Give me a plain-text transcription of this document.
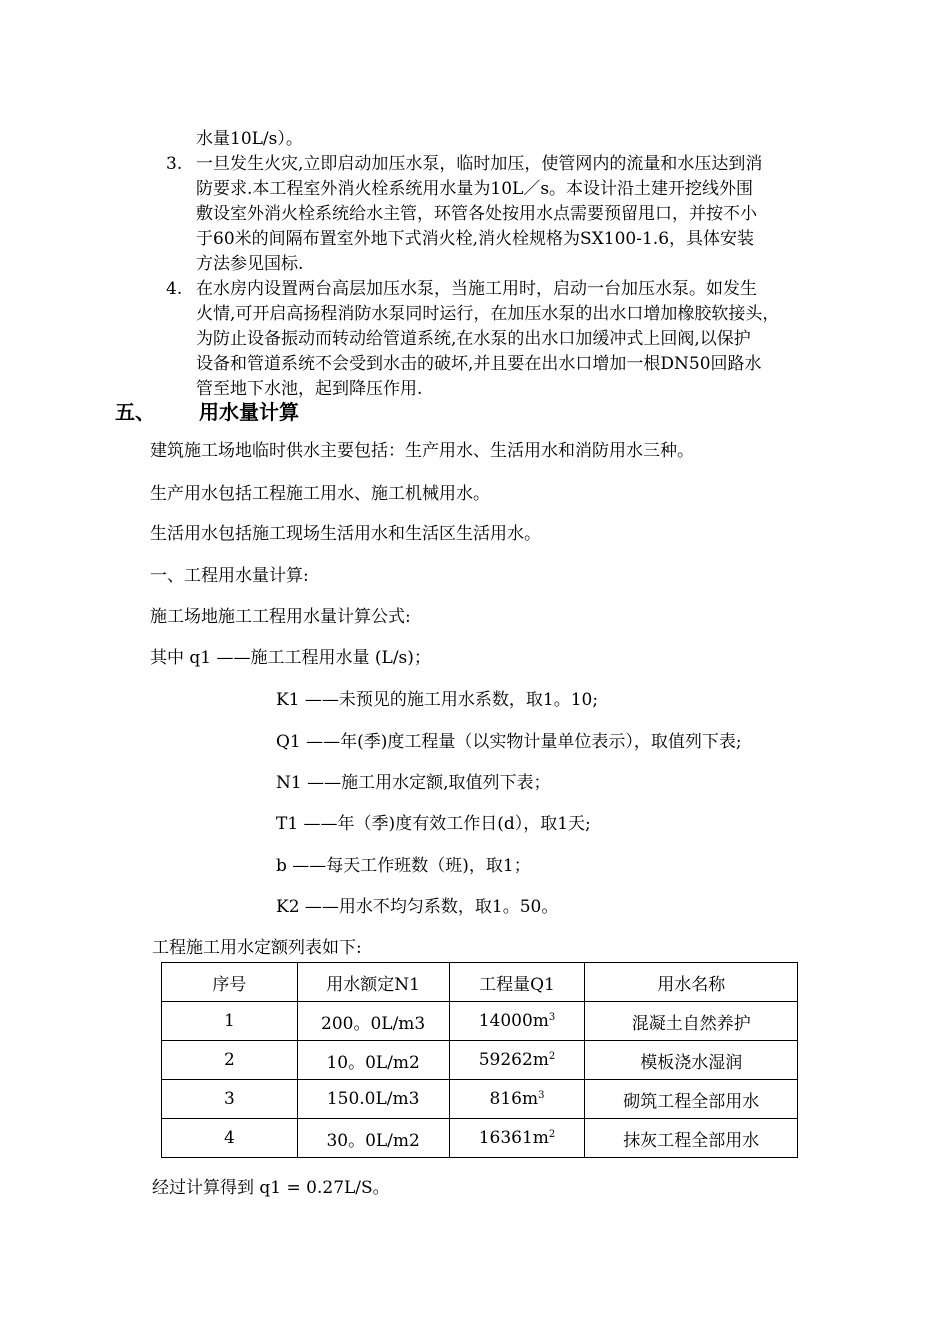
水量10L/s）。
3. 一旦发生火灾,立即启动加压水泵，临时加压，使管网内的流量和水压达到消
防要求.本工程室外消火栓系统用水量为10L／s。本设计沿土建开挖线外围
敷设室外消火栓系统给水主管，环管各处按用水点需要预留甩口，并按不小
于60米的间隔布置室外地下式消火栓,消火栓规格为SX100-1.6，具体安装
方法参见国标.
4. 在水房内设置两台高层加压水泵，当施工用时，启动一台加压水泵。如发生
火情,可开启高扬程消防水泵同时运行，在加压水泵的出水口增加橡胶软接头，
为防止设备振动而转动给管道系统,在水泵的出水口加缓冲式上回阀,以保护
设备和管道系统不会受到水击的破坏,并且要在出水口增加一根DN50回路水
管至地下水池，起到降压作用.
五、 用水量计算
建筑施工场地临时供水主要包括：生产用水、生活用水和消防用水三种。
生产用水包括工程施工用水、施工机械用水。
生活用水包括施工现场生活用水和生活区生活用水。
一、工程用水量计算:
施工场地施工工程用水量计算公式:
其中 q1 ——施工工程用水量 (L/s)；
K1 ——未预见的施工用水系数，取1。10;
Q1 ——年(季)度工程量（以实物计量单位表示），取值列下表;
N1 ——施工用水定额,取值列下表；
T1 ——年（季)度有效工作日(d），取1天;
b ——每天工作班数（班)，取1；
K2 ——用水不均匀系数，取1。50。
工程施工用水定额列表如下:
序号	用水额定N1	工程量Q1	用水名称
1	200。0L/m3	$14000m^3$	混凝土自然养护
2	10。0L/m2	$59262m^2$	模板浇水湿润
3	150.0L/m3	$816m^3$	砌筑工程全部用水
4	30。0L/m2	$16361m^2$	抹灰工程全部用水
经过计算得到 q1 = 0.27L/S。
